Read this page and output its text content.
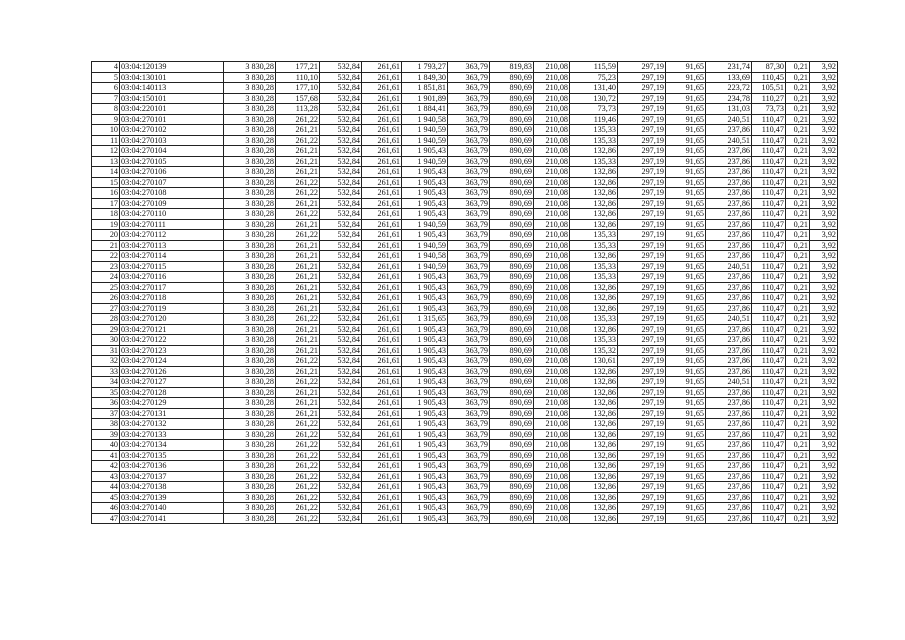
4	03:04:120139	3 830,28	177,21	532,84	261,61	1 793,27	363,79	819,83	210,08	115,59	297,19	91,65	231,74	87,30	0,21	3,92
5	03:04:130101	3 830,28	110,10	532,84	261,61	1 849,30	363,79	890,69	210,08	75,23	297,19	91,65	133,69	110,45	0,21	3,92
6	03:04:140113	3 830,28	177,10	532,84	261,61	1 851,81	363,79	890,69	210,08	131,40	297,19	91,65	223,72	105,51	0,21	3,92
7	03:04:150101	3 830,28	157,68	532,84	261,61	1 901,89	363,79	890,69	210,08	130,72	297,19	91,65	234,78	110,27	0,21	3,92
8	03:04:220101	3 830,28	113,28	532,84	261,61	1 884,41	363,79	890,69	210,08	73,73	297,19	91,65	131,03	73,73	0,21	3,92
9	03:04:270101	3 830,28	261,22	532,84	261,61	1 940,58	363,79	890,69	210,08	119,46	297,19	91,65	240,51	110,47	0,21	3,92
10	03:04:270102	3 830,28	261,21	532,84	261,61	1 940,59	363,79	890,69	210,08	135,33	297,19	91,65	237,86	110,47	0,21	3,92
11	03:04:270103	3 830,28	261,22	532,84	261,61	1 940,59	363,79	890,69	210,08	135,33	297,19	91,65	240,51	110,47	0,21	3,92
12	03:04:270104	3 830,28	261,21	532,84	261,61	1 905,43	363,79	890,69	210,08	132,86	297,19	91,65	237,86	110,47	0,21	3,92
13	03:04:270105	3 830,28	261,21	532,84	261,61	1 940,59	363,79	890,69	210,08	135,33	297,19	91,65	237,86	110,47	0,21	3,92
14	03:04:270106	3 830,28	261,21	532,84	261,61	1 905,43	363,79	890,69	210,08	132,86	297,19	91,65	237,86	110,47	0,21	3,92
15	03:04:270107	3 830,28	261,22	532,84	261,61	1 905,43	363,79	890,69	210,08	132,86	297,19	91,65	237,86	110,47	0,21	3,92
16	03:04:270108	3 830,28	261,22	532,84	261,61	1 905,43	363,79	890,69	210,08	132,86	297,19	91,65	237,86	110,47	0,21	3,92
17	03:04:270109	3 830,28	261,21	532,84	261,61	1 905,43	363,79	890,69	210,08	132,86	297,19	91,65	237,86	110,47	0,21	3,92
18	03:04:270110	3 830,28	261,22	532,84	261,61	1 905,43	363,79	890,69	210,08	132,86	297,19	91,65	237,86	110,47	0,21	3,92
19	03:04:270111	3 830,28	261,21	532,84	261,61	1 940,59	363,79	890,69	210,08	132,86	297,19	91,65	237,86	110,47	0,21	3,92
20	03:04:270112	3 830,28	261,22	532,84	261,61	1 905,43	363,79	890,69	210,08	135,33	297,19	91,65	237,86	110,47	0,21	3,92
21	03:04:270113	3 830,28	261,21	532,84	261,61	1 940,59	363,79	890,69	210,08	135,33	297,19	91,65	237,86	110,47	0,21	3,92
22	03:04:270114	3 830,28	261,21	532,84	261,61	1 940,58	363,79	890,69	210,08	132,86	297,19	91,65	237,86	110,47	0,21	3,92
23	03:04:270115	3 830,28	261,21	532,84	261,61	1 940,59	363,79	890,69	210,08	135,33	297,19	91,65	240,51	110,47	0,21	3,92
24	03:04:270116	3 830,28	261,21	532,84	261,61	1 905,43	363,79	890,69	210,08	135,33	297,19	91,65	237,86	110,47	0,21	3,92
25	03:04:270117	3 830,28	261,21	532,84	261,61	1 905,43	363,79	890,69	210,08	132,86	297,19	91,65	237,86	110,47	0,21	3,92
26	03:04:270118	3 830,28	261,21	532,84	261,61	1 905,43	363,79	890,69	210,08	132,86	297,19	91,65	237,86	110,47	0,21	3,92
27	03:04:270119	3 830,28	261,21	532,84	261,61	1 905,43	363,79	890,69	210,08	132,86	297,19	91,65	237,86	110,47	0,21	3,92
28	03:04:270120	3 830,28	261,22	532,84	261,61	1 315,65	363,79	890,69	210,08	135,33	297,19	91,65	240,51	110,47	0,21	3,92
29	03:04:270121	3 830,28	261,21	532,84	261,61	1 905,43	363,79	890,69	210,08	132,86	297,19	91,65	237,86	110,47	0,21	3,92
30	03:04:270122	3 830,28	261,21	532,84	261,61	1 905,43	363,79	890,69	210,08	135,33	297,19	91,65	237,86	110,47	0,21	3,92
31	03:04:270123	3 830,28	261,21	532,84	261,61	1 905,43	363,79	890,69	210,08	135,32	297,19	91,65	237,86	110,47	0,21	3,92
32	03:04:270124	3 830,28	261,22	532,84	261,61	1 905,43	363,79	890,69	210,08	130,61	297,19	91,65	237,86	110,47	0,21	3,92
33	03:04:270126	3 830,28	261,21	532,84	261,61	1 905,43	363,79	890,69	210,08	132,86	297,19	91,65	237,86	110,47	0,21	3,92
34	03:04:270127	3 830,28	261,22	532,84	261,61	1 905,43	363,79	890,69	210,08	132,86	297,19	91,65	240,51	110,47	0,21	3,92
35	03:04:270128	3 830,28	261,21	532,84	261,61	1 905,43	363,79	890,69	210,08	132,86	297,19	91,65	237,86	110,47	0,21	3,92
36	03:04:270129	3 830,28	261,21	532,84	261,61	1 905,43	363,79	890,69	210,08	132,86	297,19	91,65	237,86	110,47	0,21	3,92
37	03:04:270131	3 830,28	261,21	532,84	261,61	1 905,43	363,79	890,69	210,08	132,86	297,19	91,65	237,86	110,47	0,21	3,92
38	03:04:270132	3 830,28	261,22	532,84	261,61	1 905,43	363,79	890,69	210,08	132,86	297,19	91,65	237,86	110,47	0,21	3,92
39	03:04:270133	3 830,28	261,22	532,84	261,61	1 905,43	363,79	890,69	210,08	132,86	297,19	91,65	237,86	110,47	0,21	3,92
40	03:04:270134	3 830,28	261,22	532,84	261,61	1 905,43	363,79	890,69	210,08	132,86	297,19	91,65	237,86	110,47	0,21	3,92
41	03:04:270135	3 830,28	261,22	532,84	261,61	1 905,43	363,79	890,69	210,08	132,86	297,19	91,65	237,86	110,47	0,21	3,92
42	03:04:270136	3 830,28	261,22	532,84	261,61	1 905,43	363,79	890,69	210,08	132,86	297,19	91,65	237,86	110,47	0,21	3,92
43	03:04:270137	3 830,28	261,22	532,84	261,61	1 905,43	363,79	890,69	210,08	132,86	297,19	91,65	237,86	110,47	0,21	3,92
44	03:04:270138	3 830,28	261,22	532,84	261,61	1 905,43	363,79	890,69	210,08	132,86	297,19	91,65	237,86	110,47	0,21	3,92
45	03:04:270139	3 830,28	261,22	532,84	261,61	1 905,43	363,79	890,69	210,08	132,86	297,19	91,65	237,86	110,47	0,21	3,92
46	03:04:270140	3 830,28	261,22	532,84	261,61	1 905,43	363,79	890,69	210,08	132,86	297,19	91,65	237,86	110,47	0,21	3,92
47	03:04:270141	3 830,28	261,22	532,84	261,61	1 905,43	363,79	890,69	210,08	132,86	297,19	91,65	237,86	110,47	0,21	3,92
